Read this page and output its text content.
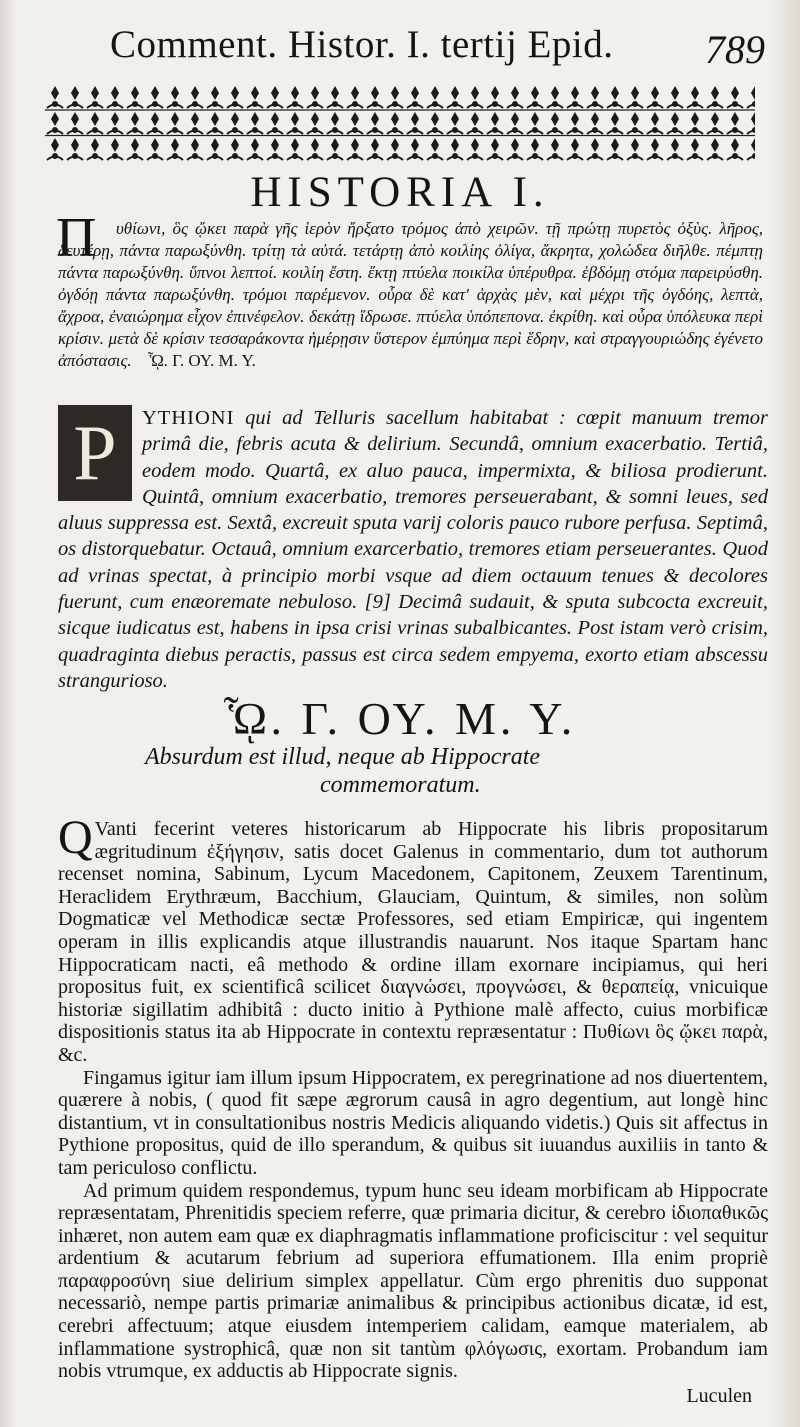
Comment. Histor. I. tertij Epid.	789
HISTORIA I.
Π	υθίωνι, ὃς ᾤκει παρὰ γῆς ἱερὸν ἤρξατο τρόμος ἀπὸ χειρῶν. τῇ πρώτῃ πυρετὸς ὀξὺς. λῆρος, δευτέρῃ, πάντα παρωξύνθη. τρίτῃ τὰ αὐτά. τετάρτῃ ἀπὸ κοιλίης ὀλίγα, ἄκρητα, χολώδεα διῆλθε. πέμπτῃ πάντα παρωξύνθη. ὕπνοι λεπτοί. κοιλίη ἔστη. ἕκτῃ πτύελα ποικίλα ὑπέρυθρα. ἑβδόμῃ στόμα παρειρύσθη. ὀγδόῃ πάντα παρωξύνθη. τρόμοι παρέμενον. οὖρα δὲ κατ' ἀρχὰς μὲν, καὶ μέχρι τῆς ὀγδόης, λεπτὰ, ἄχροα, ἐναιώρημα εἶχον ἐπινέφελον. δεκάτῃ ἵδρωσε. πτύελα ὑπόπεπονα. ἐκρίθη. καὶ οὖρα ὑπόλευκα περὶ κρίσιν. μετὰ δὲ κρίσιν τεσσαράκοντα ἡμέρῃσιν ὕστερον ἐμπύημα περὶ ἕδρην, καὶ στραγγουριώδης ἐγένετο ἀπόστασις. ᾯ. Γ. ΟΥ. Μ. Υ.
P	YTHIONI qui ad Telluris sacellum habitabat : cœpit manuum tremor primâ die, febris acuta & delirium. Secundâ, omnium exacerbatio. Tertiâ, eodem modo. Quartâ, ex aluo pauca, impermixta, & biliosa prodierunt. Quintâ, omnium exacerbatio, tremores perseuerabant, & somni leues, sed aluus suppressa est. Sextâ, excreuit sputa varij coloris pauco rubore perfusa. Septimâ, os distorquebatur. Octauâ, omnium exarcerbatio, tremores etiam perseuerantes. Quod ad vrinas spectat, à principio morbi vsque ad diem octauum tenues & decolores fuerunt, cum enæoremate nebuloso. [9] Decimâ sudauit, & sputa subcocta excreuit, sicque iudicatus est, habens in ipsa crisi vrinas subalbicantes. Post istam verò crisim, quadraginta diebus peractis, passus est circa sedem empyema, exorto etiam abscessu stranguriosо.

ᾯ. Γ. ΟΥ. Μ. Υ.
Absurdum est illud, neque ab Hippocrate
commemoratum.

QVanti fecerint veteres historicarum ab Hippocrate his libris propositarum ægritudinum ἐξήγησιν, satis docet Galenus in commentario, dum tot authorum recenset nomina, Sabinum, Lycum Macedonem, Capitonem, Zeuxem Tarentinum, Heraclidem Erythræum, Bacchium, Glauciam, Quintum, & similes, non solùm Dogmaticæ vel Methodicæ sectæ Professores, sed etiam Empiricæ, qui ingentem operam in illis explicandis atque illustrandis nauarunt. Nos itaque Spartam hanc Hippocraticam nacti, eâ methodo & ordine illam exornare incipiamus, qui heri propositus fuit, ex scientificâ scilicet διαγνώσει, προγνώσει, & θεραπείᾳ, vnicuique historiæ sigillatim adhibitâ : ducto initio à Pythione malè affecto, cuius morbificæ dispositionis status ita ab Hippocrate in contextu repræsentatur : Πυθίωνι ὃς ᾤκει παρὰ, &c.

Fingamus igitur iam illum ipsum Hippocratem, ex peregrinatione ad nos diuertentem, quærere à nobis, ( quod fit sæpe ægrorum causâ in agro degentium, aut longè hinc distantium, vt in consultationibus nostris Medicis aliquando videtis.) Quis sit affectus in Pythione propositus, quid de illo sperandum, & quibus sit iuuandus auxiliis in tanto & tam periculoso conflictu.

Ad primum quidem respondemus, typum hunc seu ideam morbificam ab Hippocrate repræsentatam, Phrenitidis speciem referre, quæ primaria dicitur, & cerebro ἰδιοπαθικῶς inhæret, non autem eam quæ ex diaphragmatis inflammatione proficiscitur : vel sequitur ardentium & acutarum febrium ad superiora effumationem. Illa enim propriè παραφροσύνη siue delirium simplex appellatur. Cùm ergo phrenitis duo supponat necessariò, nempe partis primariæ animalibus & principibus actionibus dicatæ, id est, cerebri affectuum; atque eiusdem intemperiem calidam, eamque materialem, ab inflammatione systrophicâ, quæ non sit tantùm φλόγωσις, exortam. Probandum iam nobis vtrumque, ex adductis ab Hippocrate signis.

Luculen
